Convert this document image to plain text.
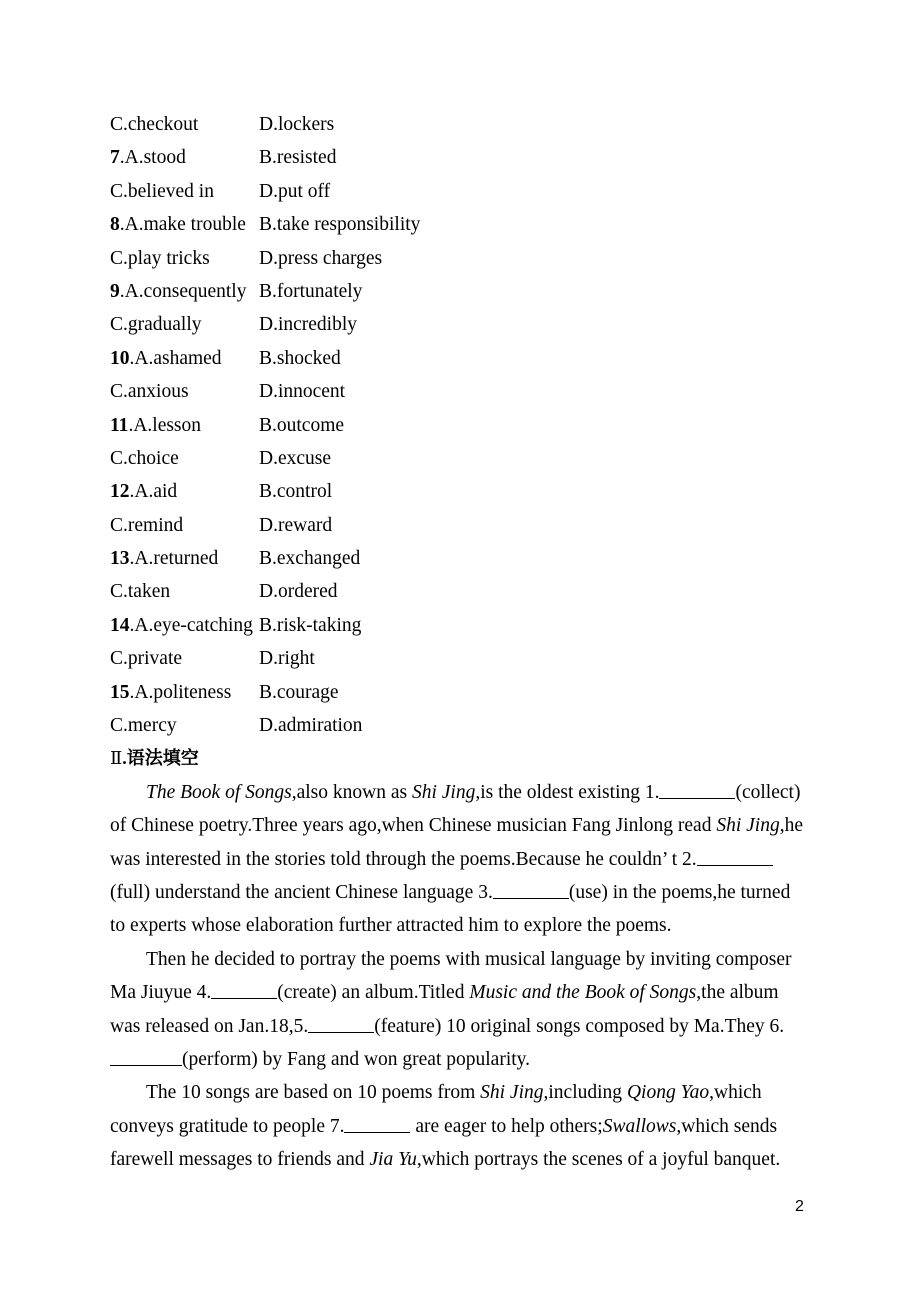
C.checkout	D.lockers
7.A.stood	B.resisted
C.believed in D.put off
8.A.make trouble B.take responsibility
C.play tricks	D.press charges
9.A.consequently B.fortunately
C.gradually	D.incredibly
10.A.ashamed B.shocked
C.anxious	D.innocent
11.A.lesson	B.outcome
C.choice	D.excuse
12.A.aid	B.control
C.remind	D.reward
13.A.returned B.exchanged
C.taken	D.ordered
14.A.eye-catching B.risk-taking
C.private	D.right
15.A.politeness B.courage
C.mercy	D.admiration
Ⅱ.语法填空

The Book of Songs,also known as Shi Jing,is the oldest existing 1.	(collect) of Chinese poetry.Three years ago,when Chinese musician Fang Jinlong read Shi Jing,he was interested in the stories told through the poems.Because he couldn’ t 2.(full) understand the ancient Chinese language 3.	(use) in the poems,he turned to experts whose elaboration further attracted him to explore the poems.

Then he decided to portray the poems with musical language by inviting composer Ma Jiuyue 4.	(create) an album.Titled Music and the Book of Songs,the album was released on Jan.18,5.	(feature) 10 original songs composed by Ma.They 6.(perform) by Fang and won great popularity.

The 10 songs are based on 10 poems from Shi Jing,including Qiong Yao,which conveys gratitude to people 7.	are eager to help others;Swallows,which sends farewell messages to friends and Jia Yu,which portrays the scenes of a joyful banquet.

2
